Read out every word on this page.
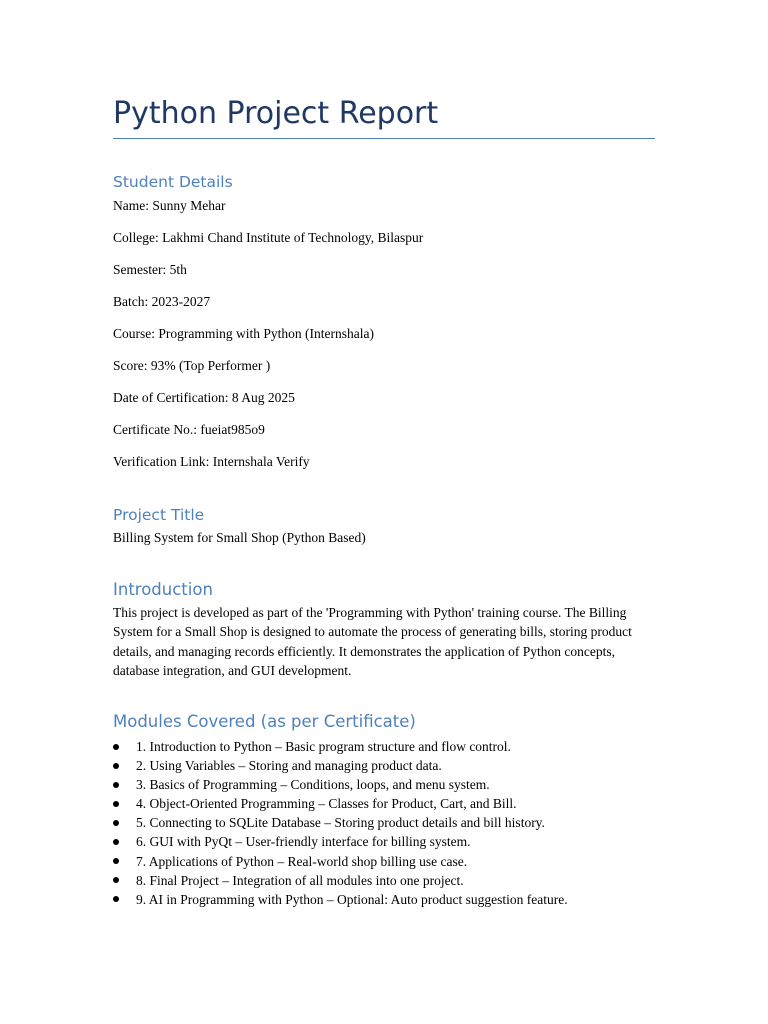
Python Project Report
Student Details

Name: Sunny Mehar

College: Lakhmi Chand Institute of Technology, Bilaspur

Semester: 5th

Batch: 2023-2027

Course: Programming with Python (Internshala)

Score: 93% (Top Performer )

Date of Certification: 8 Aug 2025

Certificate No.: fueiat985o9

Verification Link: Internshala Verify

Project Title

Billing System for Small Shop (Python Based)

Introduction

This project is developed as part of the 'Programming with Python' training course. The Billing System for a Small Shop is designed to automate the process of generating bills, storing product details, and managing records efficiently. It demonstrates the application of Python concepts, database integration, and GUI development.

Modules Covered (as per Certificate)
1. Introduction to Python – Basic program structure and flow control.
2. Using Variables – Storing and managing product data.
3. Basics of Programming – Conditions, loops, and menu system.
4. Object-Oriented Programming – Classes for Product, Cart, and Bill.
5. Connecting to SQLite Database – Storing product details and bill history.
6. GUI with PyQt – User-friendly interface for billing system.
7. Applications of Python – Real-world shop billing use case.
8. Final Project – Integration of all modules into one project.
9. AI in Programming with Python – Optional: Auto product suggestion feature.
